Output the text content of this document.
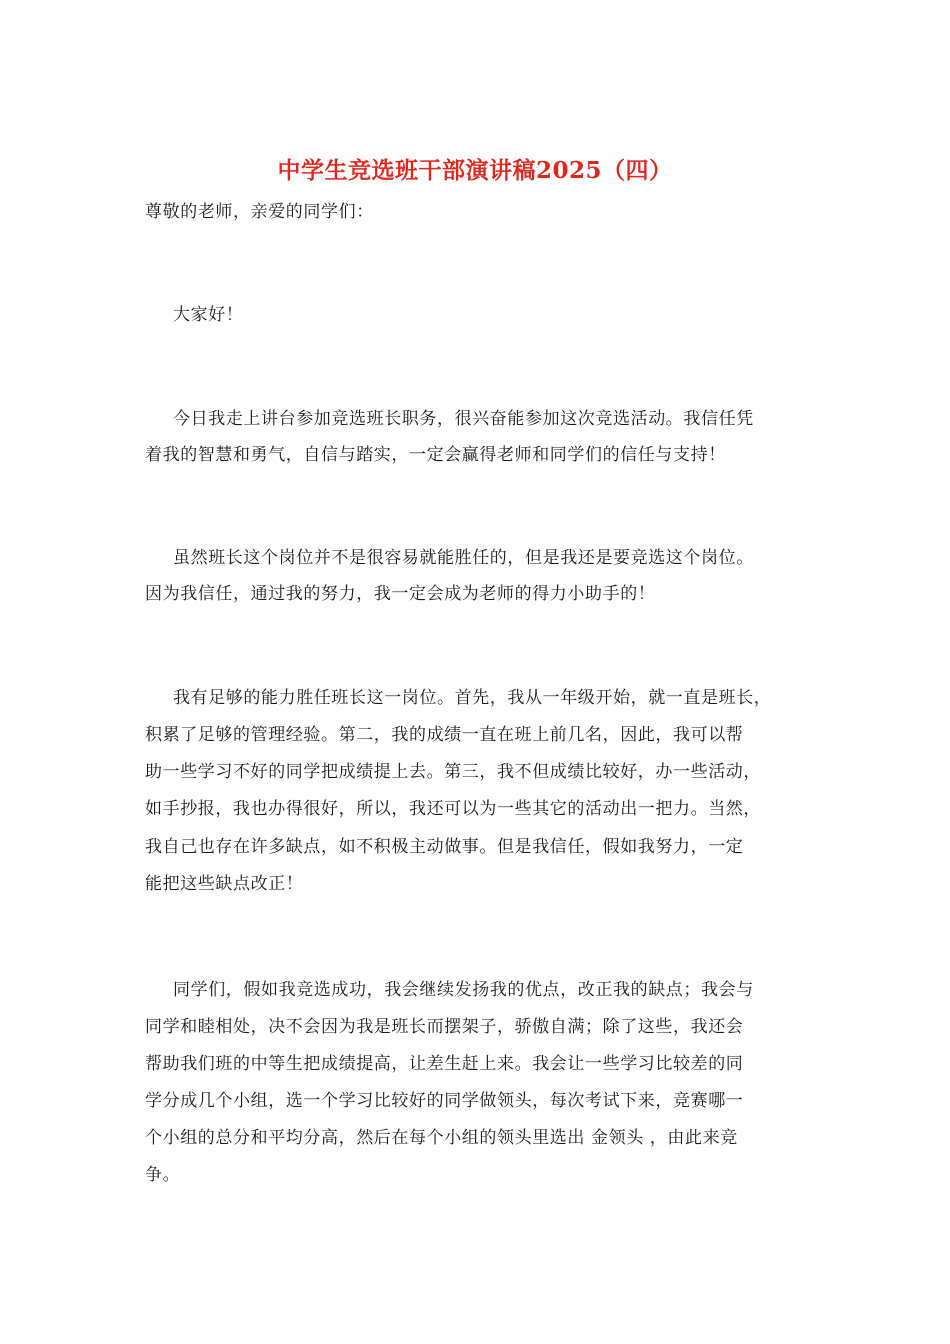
中学生竞选班干部演讲稿2025（四）
尊敬的老师，亲爱的同学们：
大家好！
今日我走上讲台参加竞选班长职务，很兴奋能参加这次竞选活动。我信任凭
着我的智慧和勇气，自信与踏实，一定会赢得老师和同学们的信任与支持！
虽然班长这个岗位并不是很容易就能胜任的，但是我还是要竞选这个岗位。
因为我信任，通过我的努力，我一定会成为老师的得力小助手的！
我有足够的能力胜任班长这一岗位。首先，我从一年级开始，就一直是班长，
积累了足够的管理经验。第二，我的成绩一直在班上前几名，因此，我可以帮
助一些学习不好的同学把成绩提上去。第三，我不但成绩比较好，办一些活动，
如手抄报，我也办得很好，所以，我还可以为一些其它的活动出一把力。当然，
我自己也存在许多缺点，如不积极主动做事。但是我信任，假如我努力，一定
能把这些缺点改正！
同学们，假如我竞选成功，我会继续发扬我的优点，改正我的缺点；我会与
同学和睦相处，决不会因为我是班长而摆架子，骄傲自满；除了这些，我还会
帮助我们班的中等生把成绩提高，让差生赶上来。我会让一些学习比较差的同
学分成几个小组，选一个学习比较好的同学做领头，每次考试下来，竞赛哪一
个小组的总分和平均分高，然后在每个小组的领头里选出 金领头 ，由此来竞
争。
